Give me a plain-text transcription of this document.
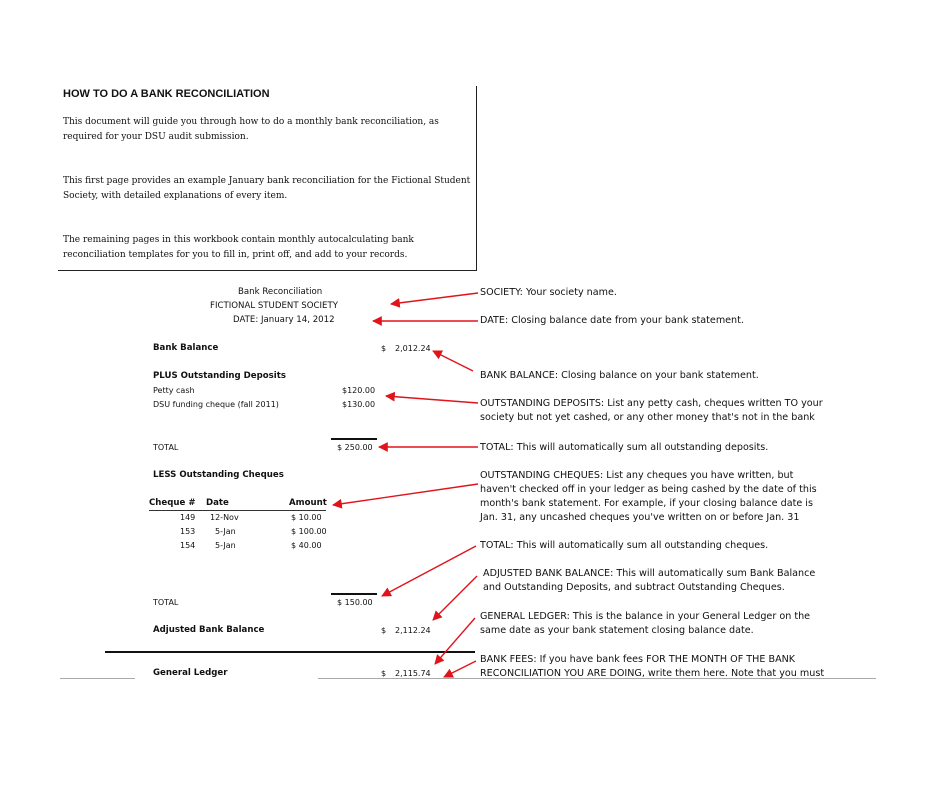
HOW TO DO A BANK RECONCILIATION
This document will guide you through how to do a monthly bank reconciliation, as
required for your DSU audit submission.
This first page provides an example January bank reconciliation for the Fictional Student
Society, with detailed explanations of every item.
The remaining pages in this workbook contain monthly autocalculating bank
reconciliation templates for you to fill in, print off, and add to your records.
Bank Reconciliation
FICTIONAL STUDENT SOCIETY
DATE: January 14, 2012
Bank Balance	$ 2,012.24
PLUS Outstanding Deposits
Petty cash	$120.00
DSU funding cheque (fall 2011)	$130.00
TOTAL	$ 250.00
LESS Outstanding Cheques
Cheque # Date	Amount
149 12-Nov	$ 10.00
153 5-Jan	$ 100.00
154 5-Jan	$ 40.00
TOTAL	$ 150.00
Adjusted Bank Balance	$ 2,112.24
General Ledger	$ 2,115.74
SOCIETY: Your society name.
DATE: Closing balance date from your bank statement.
BANK BALANCE: Closing balance on your bank statement.
OUTSTANDING DEPOSITS: List any petty cash, cheques written TO your
society but not yet cashed, or any other money that's not in the bank
TOTAL: This will automatically sum all outstanding deposits.
OUTSTANDING CHEQUES: List any cheques you have written, but
haven't checked off in your ledger as being cashed by the date of this
month's bank statement. For example, if your closing balance date is
Jan. 31, any uncashed cheques you've written on or before Jan. 31
TOTAL: This will automatically sum all outstanding cheques.
ADJUSTED BANK BALANCE: This will automatically sum Bank Balance
and Outstanding Deposits, and subtract Outstanding Cheques.
GENERAL LEDGER: This is the balance in your General Ledger on the
same date as your bank statement closing balance date.
BANK FEES: If you have bank fees FOR THE MONTH OF THE BANK
RECONCILIATION YOU ARE DOING, write them here. Note that you must
